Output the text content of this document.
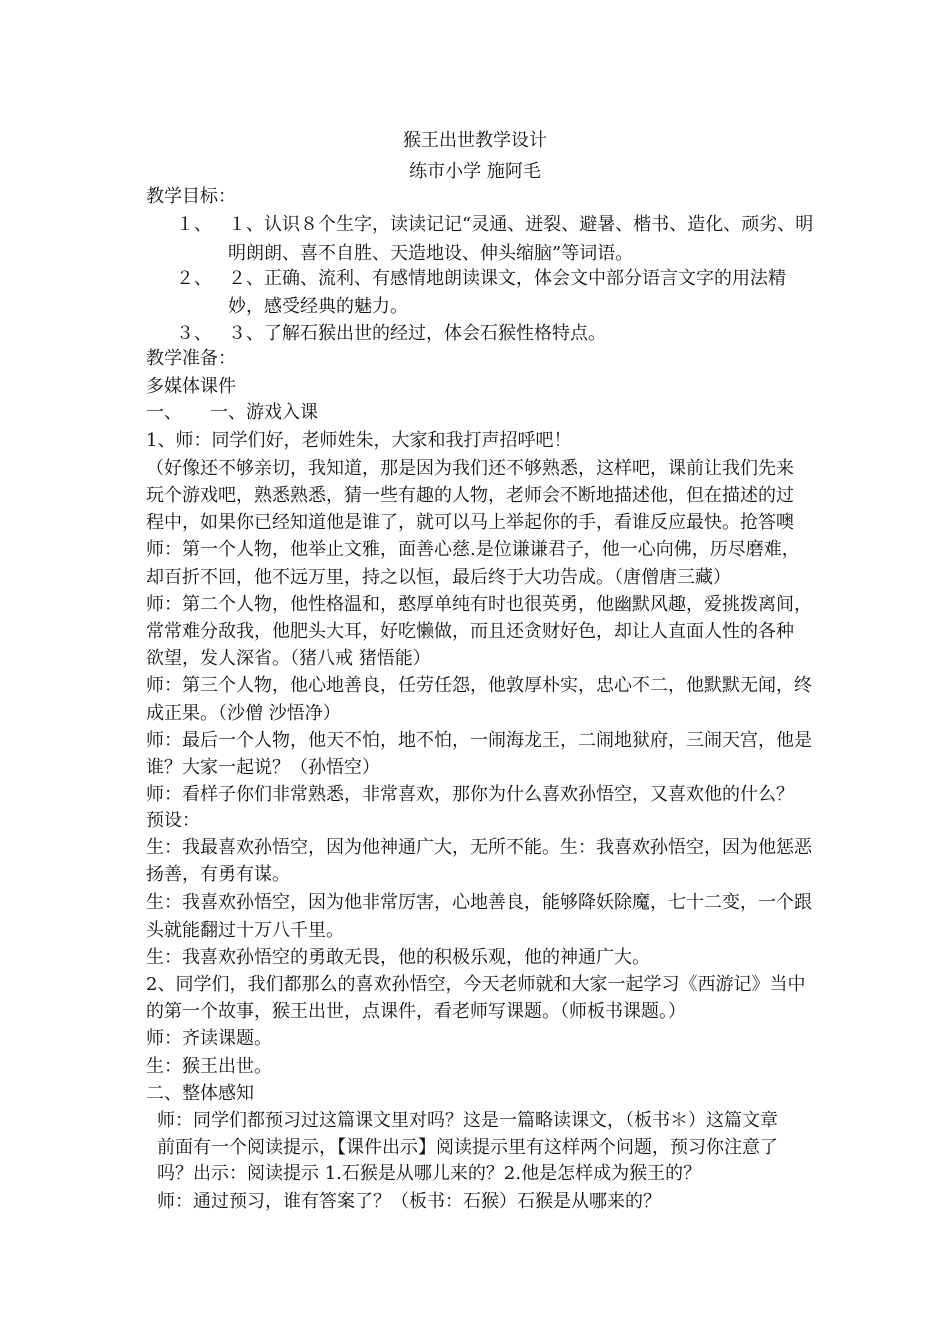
猴王出世教学设计
练市小学 施阿毛
教学目标：
１、 １、认识８个生字，读读记记“灵通、迸裂、避暑、楷书、造化、顽劣、明
明朗朗、喜不自胜、天造地设、伸头缩脑”等词语。
２、 ２、正确、流利、有感情地朗读课文，体会文中部分语言文字的用法精
妙，感受经典的魅力。
３、 ３、了解石猴出世的经过，体会石猴性格特点。
教学准备：
多媒体课件
一、 一、游戏入课
1、师：同学们好，老师姓朱，大家和我打声招呼吧！
（好像还不够亲切，我知道，那是因为我们还不够熟悉，这样吧，课前让我们先来
玩个游戏吧，熟悉熟悉，猜一些有趣的人物，老师会不断地描述他，但在描述的过
程中，如果你已经知道他是谁了，就可以马上举起你的手，看谁反应最快。抢答噢
师：第一个人物，他举止文雅，面善心慈.是位谦谦君子，他一心向佛，历尽磨难，
却百折不回，他不远万里，持之以恒，最后终于大功告成。（唐僧唐三藏）
师：第二个人物，他性格温和，憨厚单纯有时也很英勇，他幽默风趣，爱挑拨离间，
常常难分敌我，他肥头大耳，好吃懒做，而且还贪财好色，却让人直面人性的各种
欲望，发人深省。（猪八戒 猪悟能）
师：第三个人物，他心地善良，任劳任怨，他敦厚朴实，忠心不二，他默默无闻，终
成正果。（沙僧 沙悟净）
师：最后一个人物，他天不怕，地不怕，一闹海龙王，二闹地狱府，三闹天宫，他是
谁？大家一起说？（孙悟空）
师：看样子你们非常熟悉，非常喜欢，那你为什么喜欢孙悟空，又喜欢他的什么？
预设：
生：我最喜欢孙悟空，因为他神通广大，无所不能。生：我喜欢孙悟空，因为他惩恶
扬善，有勇有谋。
生：我喜欢孙悟空，因为他非常厉害，心地善良，能够降妖除魔，七十二变，一个跟
头就能翻过十万八千里。
生：我喜欢孙悟空的勇敢无畏，他的积极乐观，他的神通广大。
2、同学们，我们都那么的喜欢孙悟空，今天老师就和大家一起学习《西游记》当中
的第一个故事，猴王出世，点课件，看老师写课题。（师板书课题。）
师：齐读课题。
生：猴王出世。
二、整体感知
师：同学们都预习过这篇课文里对吗？这是一篇略读课文，（板书＊）这篇文章
前面有一个阅读提示，【课件出示】阅读提示里有这样两个问题，预习你注意了
吗？出示：阅读提示 1.石猴是从哪儿来的？2.他是怎样成为猴王的？
师：通过预习，谁有答案了？（板书：石猴）石猴是从哪来的？
